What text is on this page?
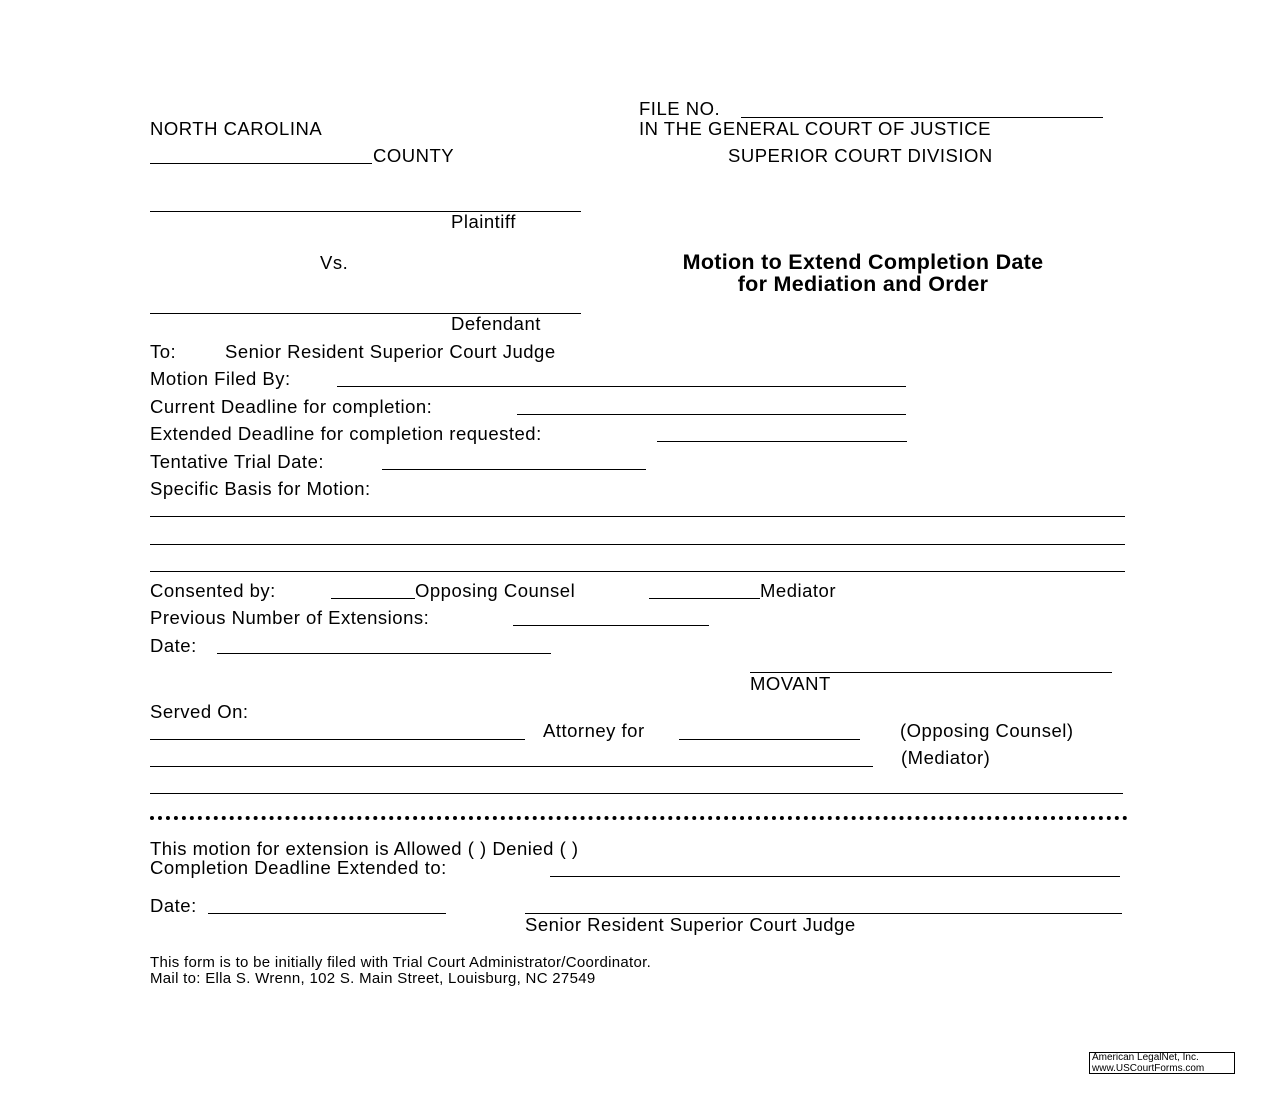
FILE NO.
NORTH CAROLINA	IN THE GENERAL COURT OF JUSTICE
COUNTY	SUPERIOR COURT DIVISION
Plaintiff
Vs.
Defendant
Motion to Extend Completion Date
for Mediation and Order
To:	Senior Resident Superior Court Judge
Motion Filed By:
Current Deadline for completion:
Extended Deadline for completion requested:
Tentative Trial Date:
Specific Basis for Motion:
Consented by:	Opposing Counsel	Mediator
Previous Number of Extensions:
Date:
MOVANT
Served On:
Attorney for	(Opposing Counsel)
(Mediator)
This motion for extension is Allowed ( ) Denied ( )
Completion Deadline Extended to:
Date:
Senior Resident Superior Court Judge
This form is to be initially filed with Trial Court Administrator/Coordinator.
Mail to: Ella S. Wrenn, 102 S. Main Street, Louisburg, NC 27549
American LegalNet, Inc.
www.USCourtForms.com
